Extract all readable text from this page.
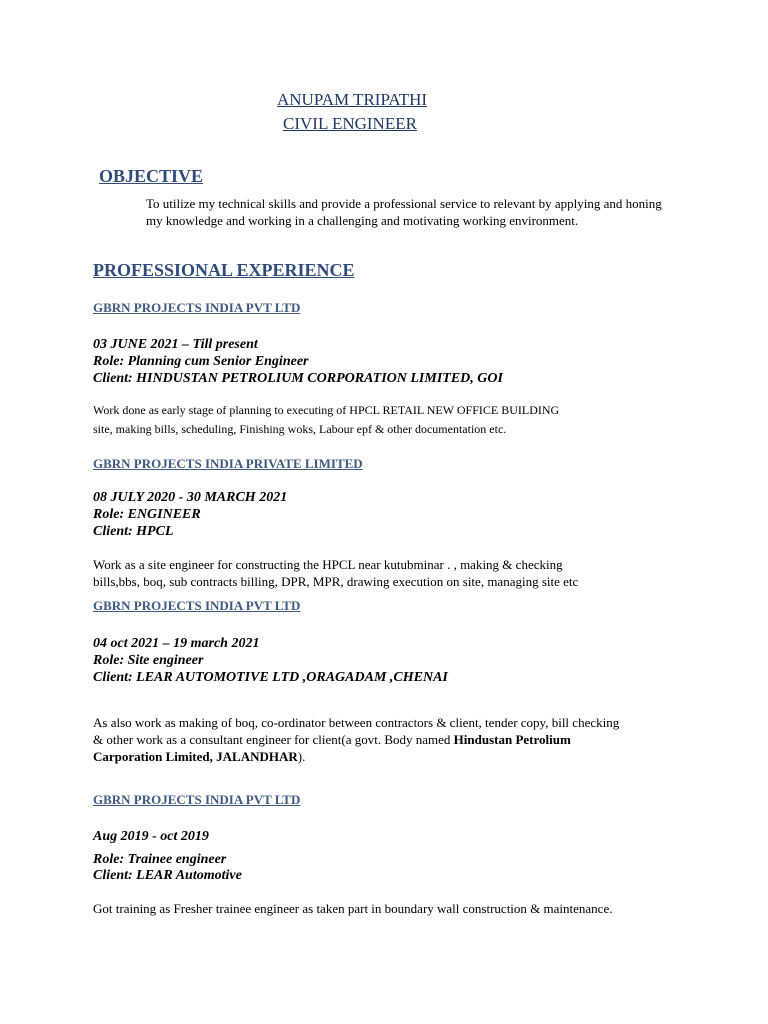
ANUPAM TRIPATHI
CIVIL ENGINEER
OBJECTIVE
To utilize my technical skills and provide a professional service to relevant by applying and honing my knowledge and working in a challenging and motivating working environment.
PROFESSIONAL EXPERIENCE
GBRN PROJECTS INDIA PVT LTD
03 JUNE 2021 – Till present
Role: Planning cum Senior Engineer
Client: HINDUSTAN PETROLIUM CORPORATION LIMITED, GOI
Work done as early stage of planning to executing of HPCL RETAIL NEW OFFICE BUILDING
site, making bills, scheduling, Finishing woks, Labour epf & other documentation etc.
GBRN PROJECTS INDIA PRIVATE LIMITED
08 JULY 2020 - 30 MARCH 2021
Role: ENGINEER
Client: HPCL
Work as a site engineer for constructing the HPCL near kutubminar . , making & checking
bills,bbs, boq, sub contracts billing, DPR, MPR, drawing execution on site, managing site etc
GBRN PROJECTS INDIA PVT LTD
04 oct 2021 – 19 march 2021
Role: Site engineer
Client: LEAR AUTOMOTIVE LTD ,ORAGADAM ,CHENAI
As also work as making of boq, co-ordinator between contractors & client, tender copy, bill checking
& other work as a consultant engineer for client(a govt. Body named Hindustan Petrolium
Carporation Limited, JALANDHAR).
GBRN PROJECTS INDIA PVT LTD
Aug 2019 - oct 2019
Role: Trainee engineer
Client: LEAR Automotive
Got training as Fresher trainee engineer as taken part in boundary wall construction & maintenance.
